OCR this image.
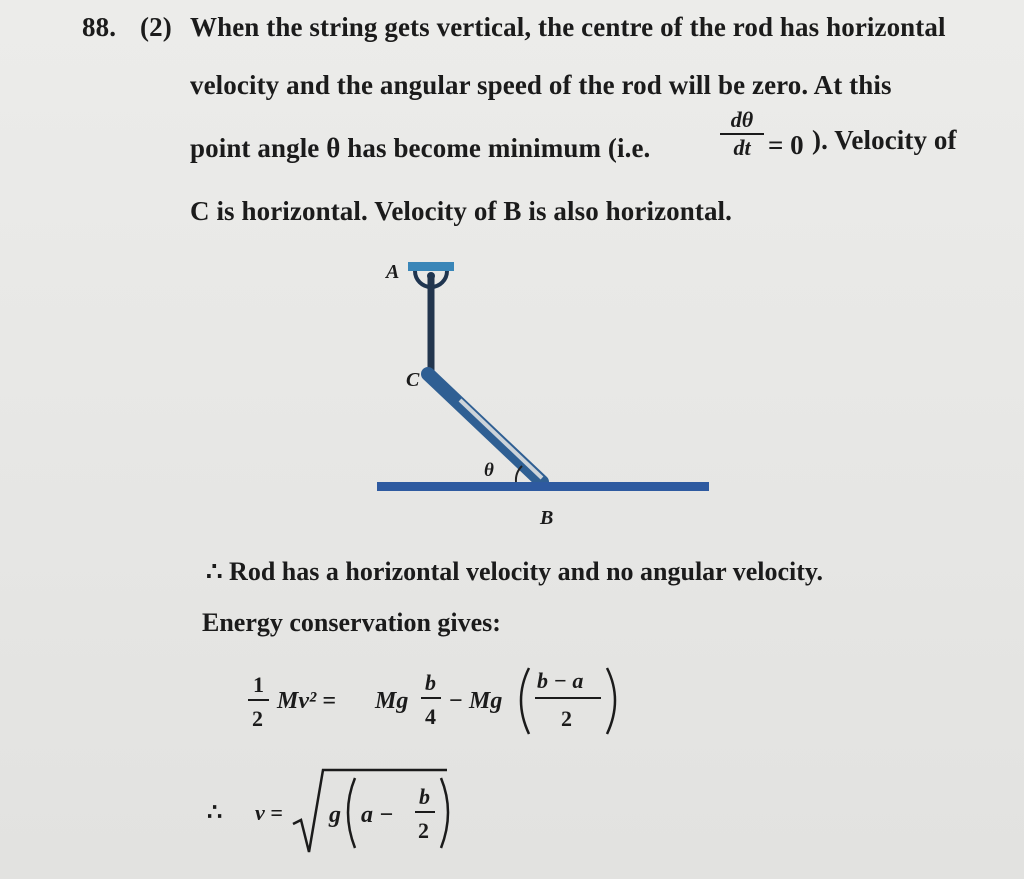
88. (2) When the string gets vertical, the centre of the rod has horizontal
velocity and the angular speed of the rod will be zero. At this
point angle θ has become minimum (i.e.
dθ
dt = 0 ). Velocity of
C is horizontal. Velocity of B is also horizontal.
A
C
θ
B
∴ Rod has a horizontal velocity and no angular velocity.
Energy conservation gives:
1
2
Mv² = Mg
b
4
− Mg
b − a
2
∴ v = g a −
b
2
